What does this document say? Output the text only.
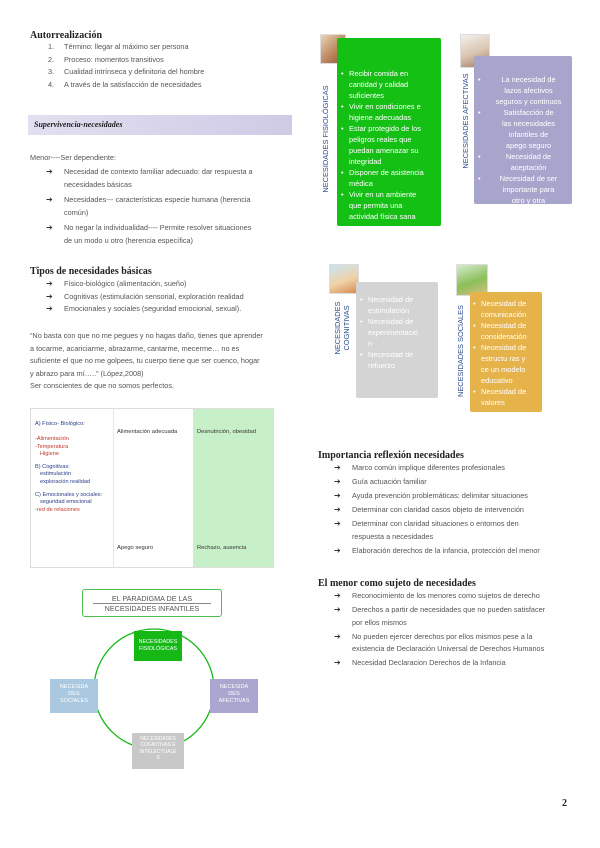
Autorrealización
1. Término: llegar al máximo ser persona
2. Proceso: momentos transitivos
3. Cualidad intrínseca y definitoria del hombre
4. A través de la satisfacción de necesidades
Supervivencia-necesidades
Menor----Ser dependiente:
➔ Necesidad de contexto familiar adecuado: dar respuesta a
necesidades básicas
➔ Necesidades--- características especie humana (herencia
común)
➔ No negar la individualidad---- Permite resolver situaciones
de un modo u otro (herencia específica)
Tipos de necesidades básicas
➔ Físico-biológico (alimentación, sueño)
➔ Cognitivas (estimulación sensorial, exploración realidad
➔ Emocionales y sociales (seguridad emocional, sexual).
“No basta con que no me pegues y no hagas daño, tienes que aprender
a tocarme, acariciarme, abrazarme, cantarme, mecerme… no es
suficiente el que no me golpees, tu cuerpo tiene que ser cuenco, hogar
y abrazo para mí…..” (López,2008)
Ser conscientes de que no somos perfectos.
A) Físico- Biológico:
-Alimentación
-Temperatura
Higiene
B) Cognitivas:
estimulación
exploración realidad
C) Emocionales y sociales:
seguridad emocional
-red de relaciones
Alimentación adecuada
Apego seguro
Desnutrición, obesidad
Rechazo, ausencia
EL PARADIGMA DE LAS
NECESIDADES INFANTILES
NECESIDADES
FISIOLÓGICAS
NECESIDA
DES
AFECTIVAS
NECESIDADES
COGNITIVAS E
INTELECTUALE
S
NECESIDA
DES
SOCIALES
NECESIDADES FISIOLÓGICAS
• Recibir comida en
cantidad y calidad
suficientes
• Vivir en condiciones e
higiene adecuadas
• Estar protegido de los
peligros reales que
puedan amenazar su
integridad
• Disponer de asistencia
médica
• Vivir en un ambiente
que permita una
actividad física sana
NECESIDADES AFECTIVAS
•	La necesidad de
lazos afectivos
seguros y continuos
• Satisfacción de
las necesidades
infantiles de
apego seguro
• Necesidad de
aceptación
• Necesidad de ser
importante para
otro y otra
NECESIDADES COGNITIVAS
• Necesidad de
estimulación
• Necesidad de
experimentació
n
• Necesidad de
refuerzo	NECESIDADES SOCIALES
• Necesidad de
comunicación
• Necesidad de
consideración
• Necesidad de
estructu ras y
ce un modelo
educativo
• Necesidad de
valores
Importancia reflexión necesidades
➔ Marco común implique diferentes profesionales
➔ Guía actuación familiar
➔ Ayuda prevención problemáticas: delimitar situaciones
➔ Determinar con claridad casos objeto de intervención
➔ Determinar con claridad situaciones o entornos den
respuesta a necesidades
➔ Elaboración derechos de la infancia, protección del menor
El menor como sujeto de necesidades
➔ Reconocimiento de los menores como sujetos de derecho
➔ Derechos a partir de necesidades que no pueden satisfacer
por ellos mismos
➔ No pueden ejercer derechos por ellos mismos pese a la
existencia de Declaración Universal de Derechos Humanos
➔ Necesidad Declaracion Derechos de la Infancia
2
